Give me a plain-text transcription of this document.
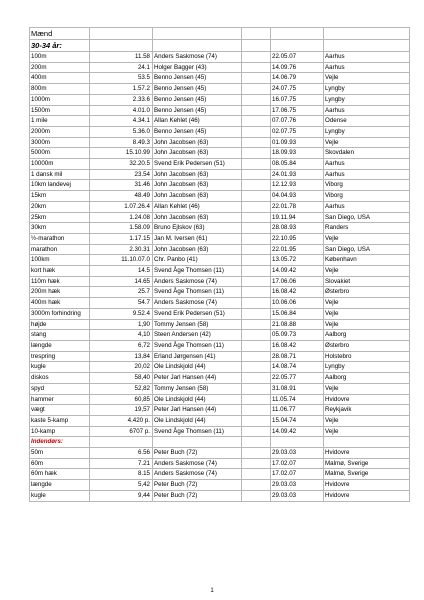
Mænd					
30-34 år:					
100m	11.58	Anders Saskmose (74)		22.05.07	Aarhus
200m	24.1	Holger Bagger (43)		14.09.76	Aarhus
400m	53.5	Benno Jensen (45)		14.06.79	Vejle
800m	1.57.2	Benno Jensen (45)		24.07.75	Lyngby
1000m	2.33.6	Benno Jensen (45)		16.07.75	Lyngby
1500m	4.01.0	Benno Jensen (45)		17.06.75	Aarhus
1 mile	4.34.1	Allan Kehlet (46)		07.07.76	Odense
2000m	5.36.0	Benno Jensen (45)		02.07.75	Lyngby
3000m	8.49.3	John Jacobsen (63)		01.09.93	Vejle
5000m	15.10.99	John Jacobsen (63)		18.09.93	Skovdalen
10000m	32.20.5	Svend Erik Pedersen (51)		08.05.84	Aarhus
1 dansk mil	23.54	John Jacobsen (63)		24.01.93	Aarhus
10km landevej	31.46	John Jacobsen (63)		12.12.93	Viborg
15km	48.49	John Jacobsen (63)		04.04.93	Viborg
20km	1.07.26.4	Allan Kehlet (46)		22.01.78	Aarhus
25km	1.24.08	John Jacobsen (63)		19.11.94	San Diego, USA
30km	1.58.09	Bruno Ejlskov (63)		28.08.93	Randers
½-marathon	1.17.15	Jan M. Iversen (61)		22.10.95	Vejle
marathon	2.30.31	John Jacobsen (63)		22.01.95	San Diego, USA
100km	11.10.07.0	Chr. Panbo (41)		13.05.72	København
kort hæk	14.5	Svend Åge Thomsen (11)		14.09.42	Vejle
110m hæk	14.65	Anders Saskmose (74)		17.06.06	Slovakiet
200m hæk	25.7	Svend Åge Thomsen (11)		16.08.42	Østerbro
400m hæk	54.7	Anders Saskmose (74)		10.06.06	Vejle
3000m forhindring	9.52.4	Svend Erik Pedersen (51)		15.06.84	Vejle
højde	1,90	Tommy Jensen (58)		21.08.88	Vejle
stang	4,10	Steen Andersen (42)		05.09.73	Aalborg
længde	6,72	Svend Åge Thomsen (11)		16.08.42	Østerbro
trespring	13,84	Erland Jørgensen (41)		28.08.71	Holstebro
kugle	20,02	Ole Lindskjold (44)		14.08.74	Lyngby
diskos	58,40	Peter Jarl Hansen (44)		22.05.77	Aalborg
spyd	52,82	Tommy Jensen (58)		31.08.91	Vejle
hammer	60,85	Ole Lindskjold (44)		11.05.74	Hvidovre
vægt	19,57	Peter Jarl Hansen (44)		11.06.77	Reykjavik
kaste 5-kamp	4.420 p.	Ole Lindskjold (44)		15.04.74	Vejle
10-kamp	6707 p.	Svend Åge Thomsen (11)		14.09.42	Vejle
Indendørs:					
50m	6.56	Peter Buch (72)		29.03.03	Hvidovre
60m	7.21	Anders Saskmose (74)		17.02.07	Malmø, Sverige
60m hæk	8.15	Anders Saskmose (74)		17.02.07	Malmø, Sverige
længde	5,42	Peter Buch (72)		29.03.03	Hvidovre
kugle	9,44	Peter Buch (72)		29.03.03	Hvidovre
1
